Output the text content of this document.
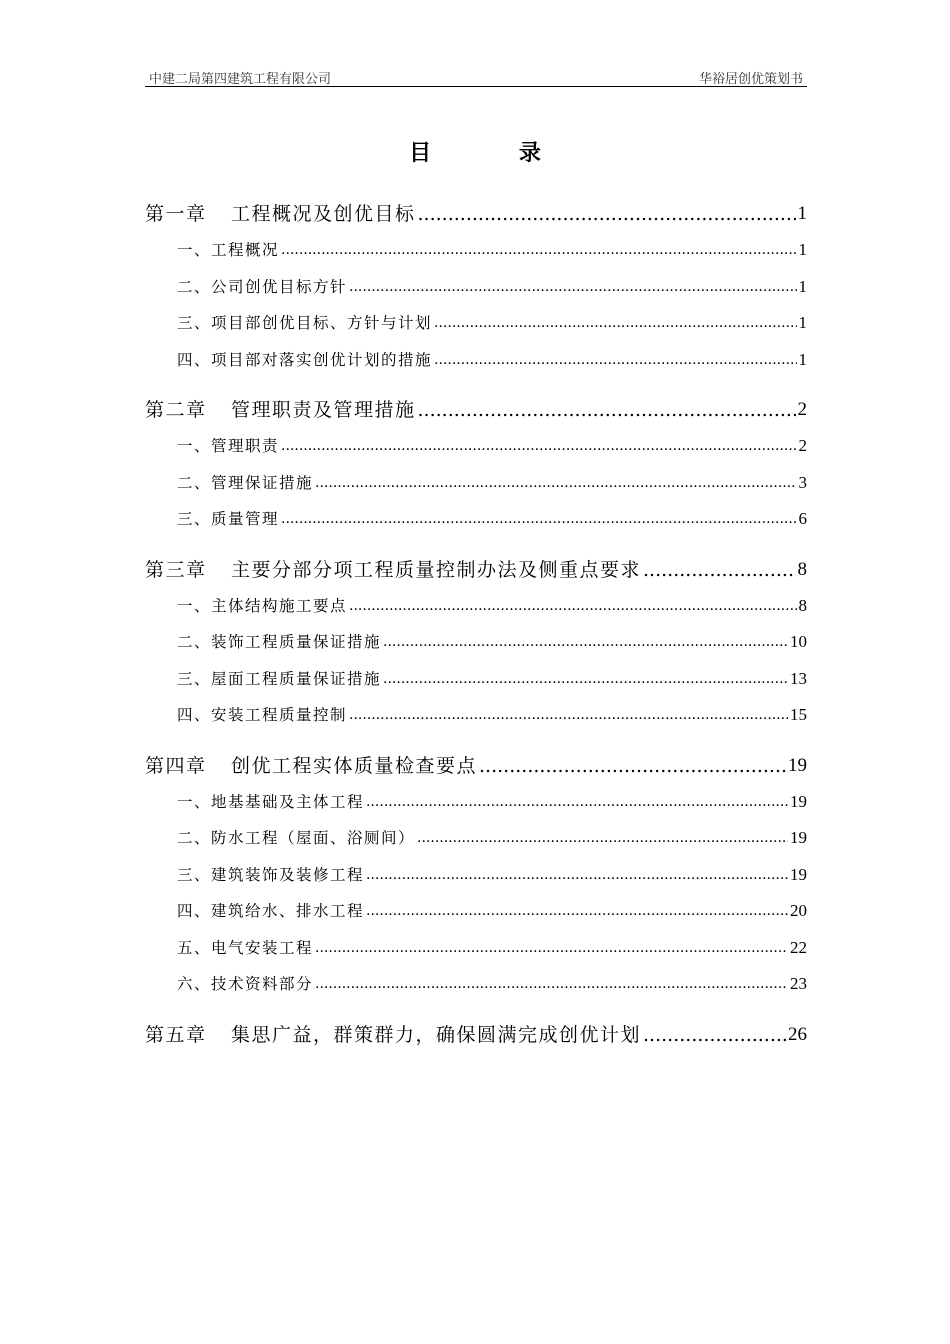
中建二局第四建筑工程有限公司	华裕居创优策划书
目 录
第一章 工程概况及创优目标 .....	1
一、工程概况 .....	1
二、公司创优目标方针 .....	1
三、项目部创优目标、方针与计划 .....	1
四、项目部对落实创优计划的措施 .....	1
第二章 管理职责及管理措施 .....	2
一、管理职责 .....	2
二、管理保证措施 .....	3
三、质量管理 .....	6
第三章 主要分部分项工程质量控制办法及侧重点要求 .....	8
一、主体结构施工要点 .....	8
二、装饰工程质量保证措施 .....	10
三、屋面工程质量保证措施 .....	13
四、安装工程质量控制 .....	15
第四章 创优工程实体质量检查要点 .....	19
一、地基基础及主体工程 .....	19
二、防水工程（屋面、浴厕间） .....	19
三、建筑装饰及装修工程 .....	19
四、建筑给水、排水工程 .....	20
五、电气安装工程 .....	22
六、技术资料部分 .....	23
第五章 集思广益，群策群力，确保圆满完成创优计划 .....	26
